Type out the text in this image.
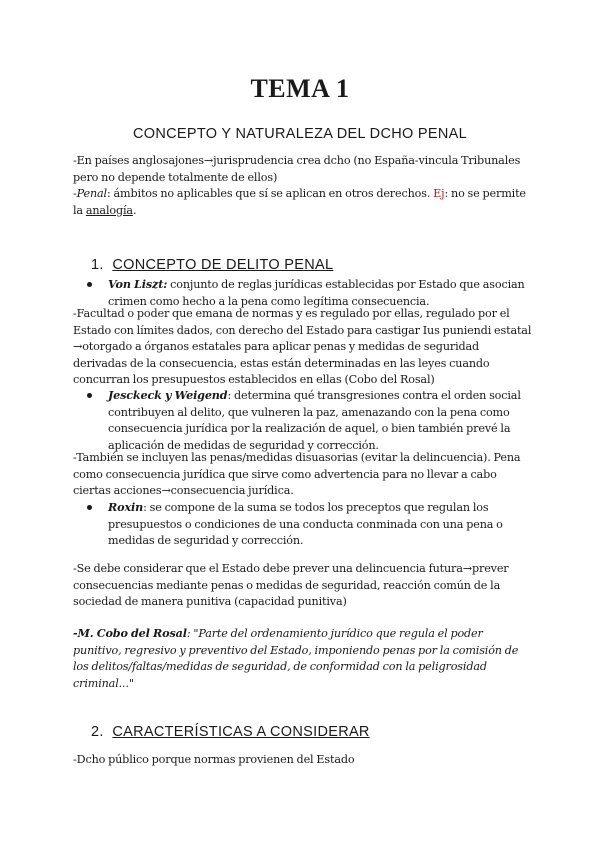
TEMA 1
CONCEPTO Y NATURALEZA DEL DCHO PENAL
-En países anglosajones→jurisprudencia crea dcho (no España-vincula Tribunales pero no depende totalmente de ellos)
-Penal: ámbitos no aplicables que sí se aplican en otros derechos. Ej: no se permite la analogía.
1. CONCEPTO DE DELITO PENAL
Von Liszt: conjunto de reglas jurídicas establecidas por Estado que asocian crimen como hecho a la pena como legítima consecuencia.
-Facultad o poder que emana de normas y es regulado por ellas, regulado por el Estado con límites dados, con derecho del Estado para castigar Ius puniendi estatal →otorgado a órganos estatales para aplicar penas y medidas de seguridad derivadas de la consecuencia, estas están determinadas en las leyes cuando concurran los presupuestos establecidos en ellas (Cobo del Rosal)
Jesckeck y Weigend: determina qué transgresiones contra el orden social contribuyen al delito, que vulneren la paz, amenazando con la pena como consecuencia jurídica por la realización de aquel, o bien también prevé la aplicación de medidas de seguridad y corrección.
-También se incluyen las penas/medidas disuasorias (evitar la delincuencia). Pena como consecuencia jurídica que sirve como advertencia para no llevar a cabo ciertas acciones→consecuencia jurídica.
Roxin: se compone de la suma se todos los preceptos que regulan los presupuestos o condiciones de una conducta conminada con una pena o medidas de seguridad y corrección.
-Se debe considerar que el Estado debe prever una delincuencia futura→prever consecuencias mediante penas o medidas de seguridad, reacción común de la sociedad de manera punitiva (capacidad punitiva)
-M. Cobo del Rosal: "Parte del ordenamiento jurídico que regula el poder punitivo, regresivo y preventivo del Estado, imponiendo penas por la comisión de los delitos/faltas/medidas de seguridad, de conformidad con la peligrosidad criminal..."
2. CARACTERÍSTICAS A CONSIDERAR
-Dcho público porque normas provienen del Estado
